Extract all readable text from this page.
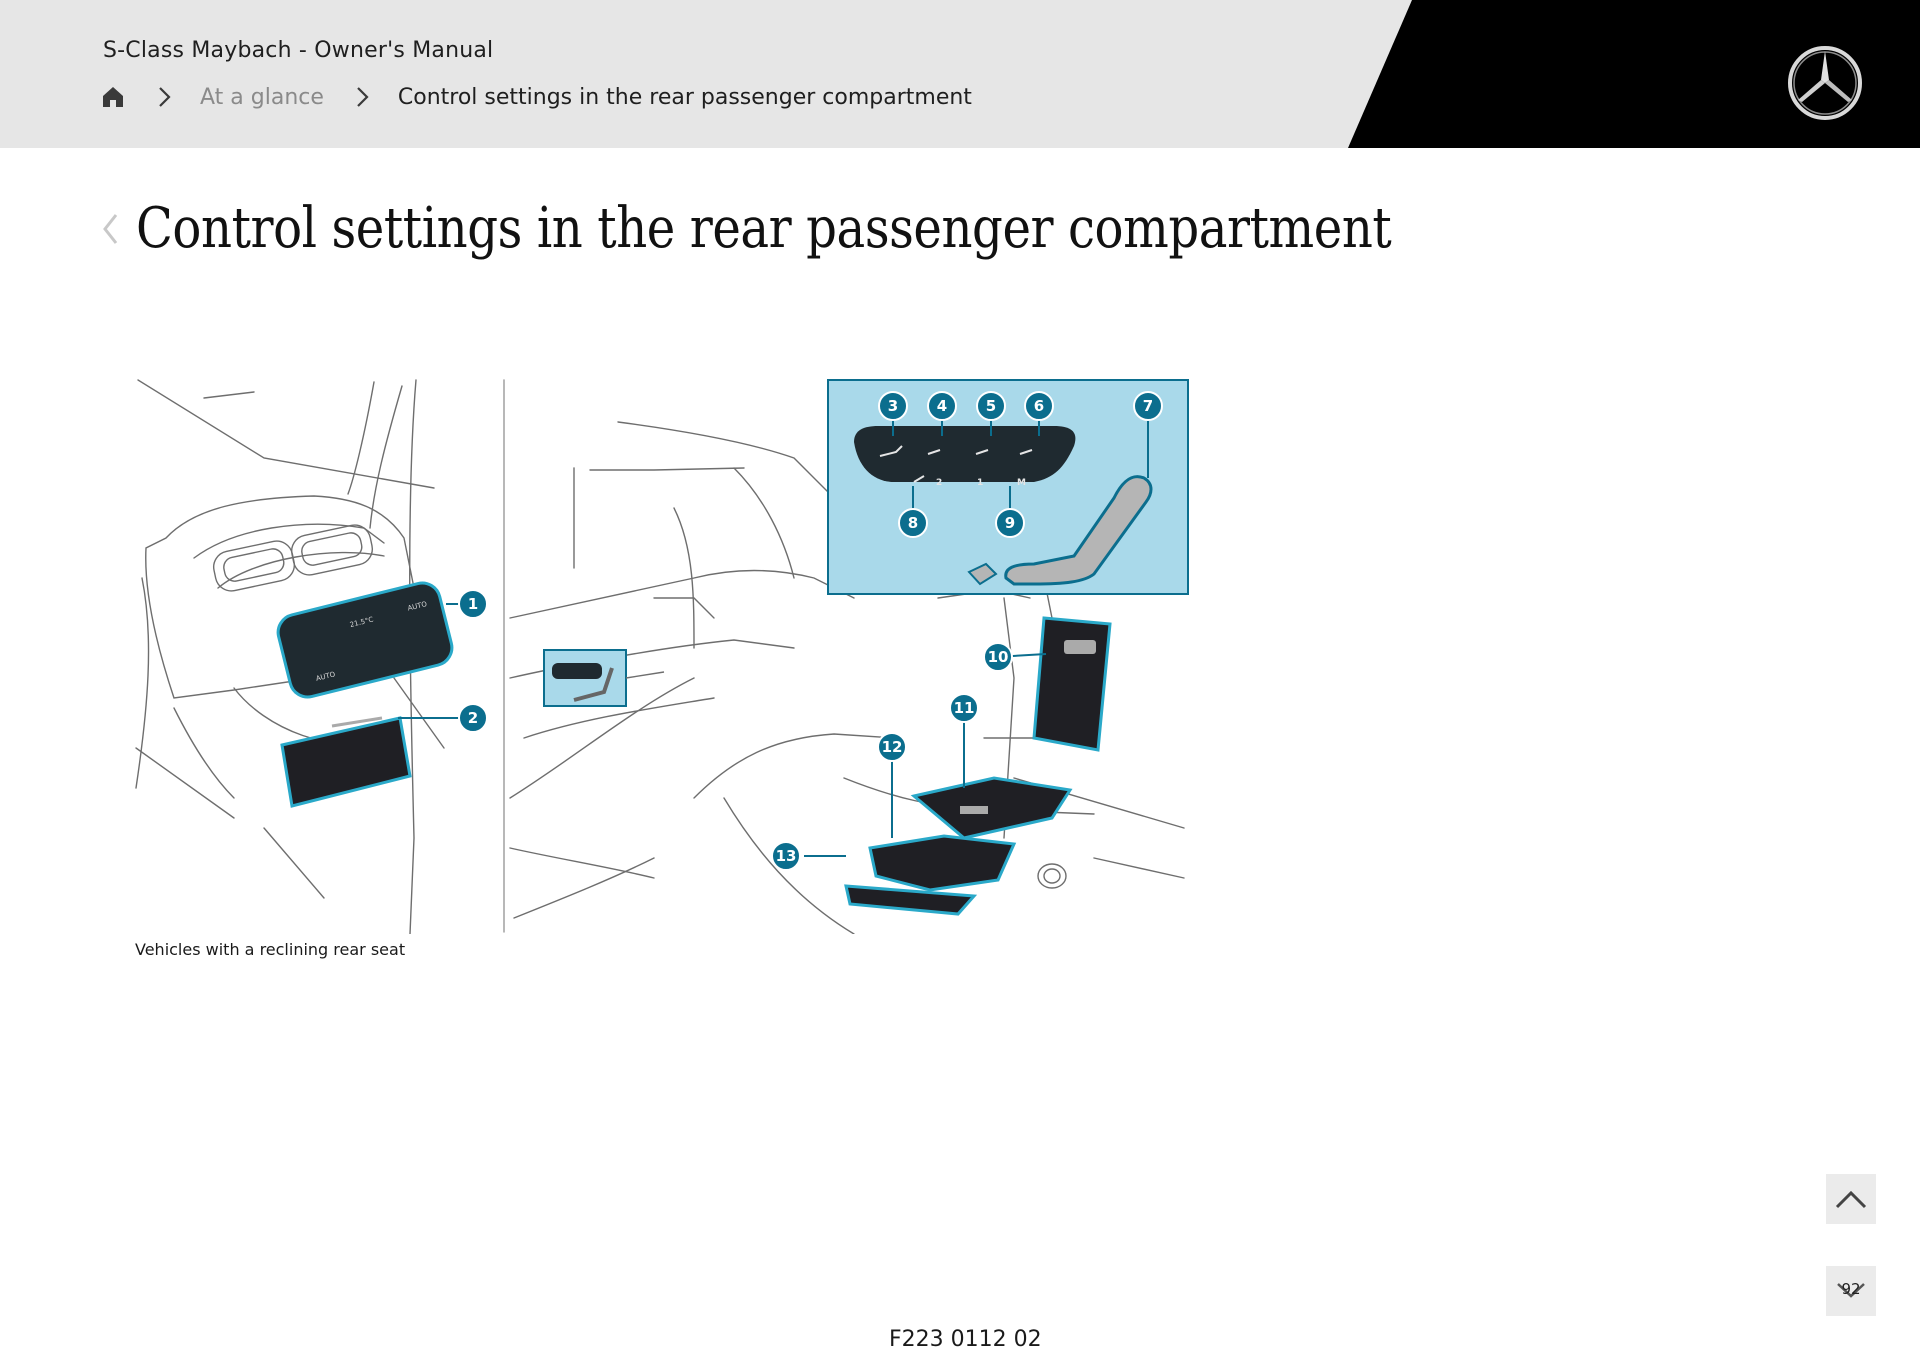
S-Class Maybach - Owner's Manual
At a glance	Control settings in the rear passenger compartment
Control settings in the rear passenger compartment
21.5°C
AUTO
AUTO
2	1	M
1
2
3	4	5	6	7
8	9
10
11
12
13
Vehicles with a reclining rear seat
F223 0112 02
92
